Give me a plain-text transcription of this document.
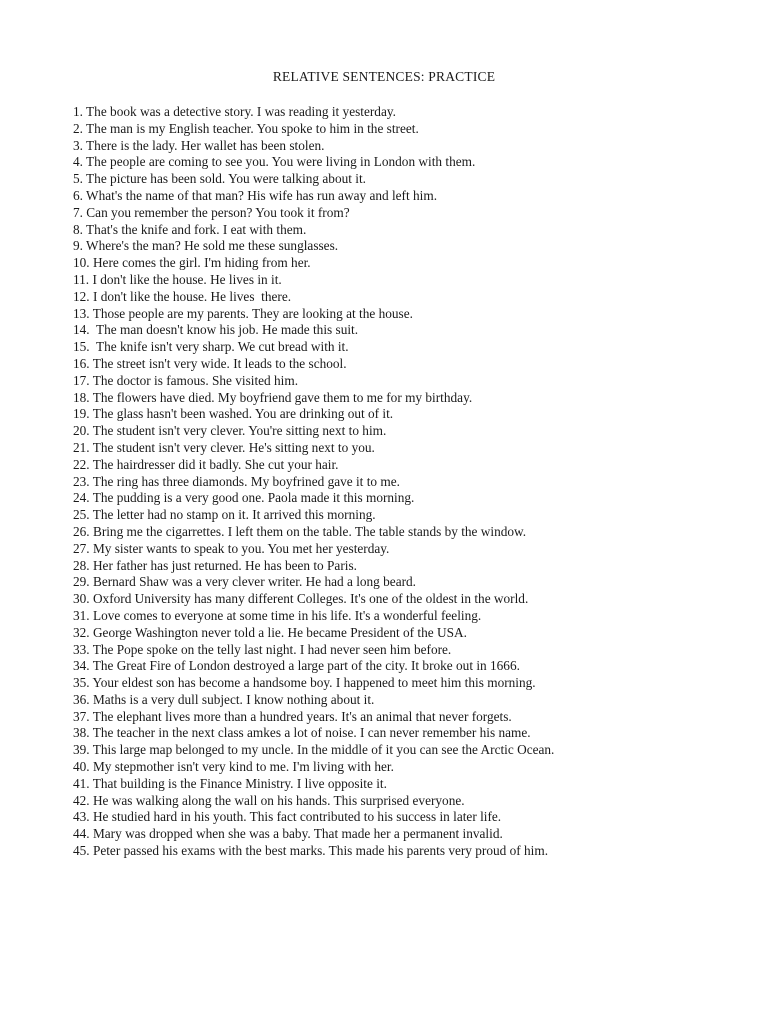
RELATIVE SENTENCES: PRACTICE
1. The book was a detective story. I was reading it yesterday.
2. The man is my English teacher. You spoke to him in the street.
3. There is the lady. Her wallet has been stolen.
4. The people are coming to see you. You were living in London with them.
5. The picture has been sold. You were talking about it.
6. What's the name of that man? His wife has run away and left him.
7. Can you remember the person? You took it from?
8. That's the knife and fork. I eat with them.
9. Where's the man? He sold me these sunglasses.
10. Here comes the girl. I'm hiding from her.
11. I don't like the house. He lives in it.
12. I don't like the house. He lives  there.
13. Those people are my parents. They are looking at the house.
14.  The man doesn't know his job. He made this suit.
15.  The knife isn't very sharp. We cut bread with it.
16. The street isn't very wide. It leads to the school.
17. The doctor is famous. She visited him.
18. The flowers have died. My boyfriend gave them to me for my birthday.
19. The glass hasn't been washed. You are drinking out of it.
20. The student isn't very clever. You're sitting next to him.
21. The student isn't very clever. He's sitting next to you.
22. The hairdresser did it badly. She cut your hair.
23. The ring has three diamonds. My boyfrined gave it to me.
24. The pudding is a very good one. Paola made it this morning.
25. The letter had no stamp on it. It arrived this morning.
26. Bring me the cigarrettes. I left them on the table. The table stands by the window.
27. My sister wants to speak to you. You met her yesterday.
28. Her father has just returned. He has been to Paris.
29. Bernard Shaw was a very clever writer. He had a long beard.
30. Oxford University has many different Colleges. It's one of the oldest in the world.
31. Love comes to everyone at some time in his life. It's a wonderful feeling.
32. George Washington never told a lie. He became President of the USA.
33. The Pope spoke on the telly last night. I had never seen him before.
34. The Great Fire of London destroyed a large part of the city. It broke out in 1666.
35. Your eldest son has become a handsome boy. I happened to meet him this morning.
36. Maths is a very dull subject. I know nothing about it.
37. The elephant lives more than a hundred years. It's an animal that never forgets.
38. The teacher in the next class amkes a lot of noise. I can never remember his name.
39. This large map belonged to my uncle. In the middle of it you can see the Arctic Ocean.
40. My stepmother isn't very kind to me. I'm living with her.
41. That building is the Finance Ministry. I live opposite it.
42. He was walking along the wall on his hands. This surprised everyone.
43. He studied hard in his youth. This fact contributed to his success in later life.
44. Mary was dropped when she was a baby. That made her a permanent invalid.
45. Peter passed his exams with the best marks. This made his parents very proud of him.
